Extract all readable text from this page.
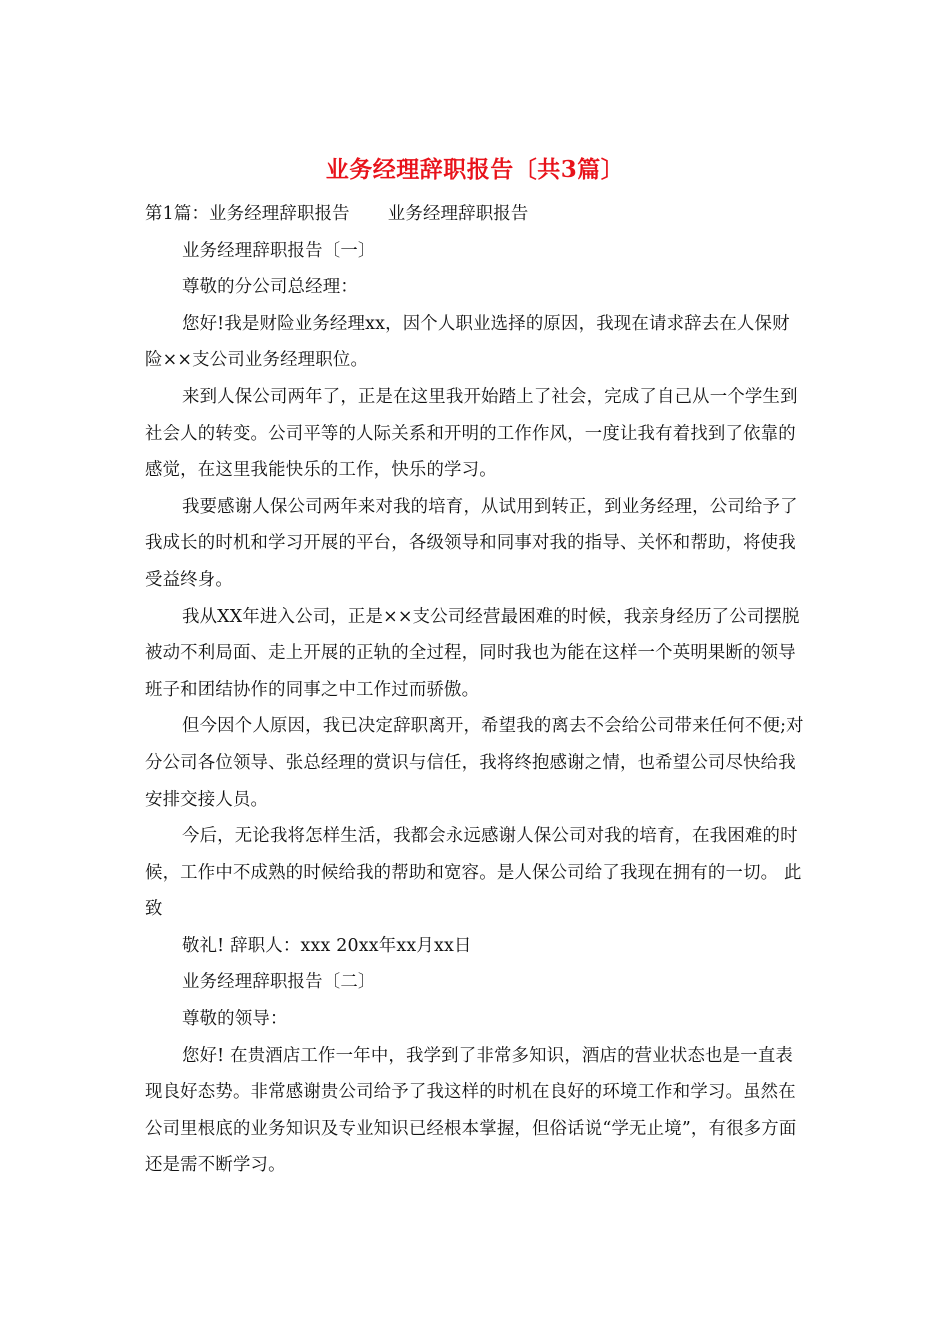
业务经理辞职报告〔共3篇〕

第1篇：业务经理辞职报告 业务经理辞职报告

业务经理辞职报告〔一〕

尊敬的分公司总经理：

您好!我是财险业务经理xx，因个人职业选择的原因，我现在请求辞去在人保财险××支公司业务经理职位。

来到人保公司两年了，正是在这里我开始踏上了社会，完成了自己从一个学生到社会人的转变。公司平等的人际关系和开明的工作作风，一度让我有着找到了依靠的感觉，在这里我能快乐的工作，快乐的学习。

我要感谢人保公司两年来对我的培育，从试用到转正，到业务经理，公司给予了我成长的时机和学习开展的平台，各级领导和同事对我的指导、关怀和帮助，将使我受益终身。

我从XX年进入公司，正是××支公司经营最困难的时候，我亲身经历了公司摆脱被动不利局面、走上开展的正轨的全过程，同时我也为能在这样一个英明果断的领导班子和团结协作的同事之中工作过而骄傲。

但今因个人原因，我已决定辞职离开，希望我的离去不会给公司带来任何不便;对分公司各位领导、张总经理的赏识与信任，我将终抱感谢之情，也希望公司尽快给我安排交接人员。

今后，无论我将怎样生活，我都会永远感谢人保公司对我的培育，在我困难的时候，工作中不成熟的时候给我的帮助和宽容。是人保公司给了我现在拥有的一切。 此致

敬礼! 辞职人：xxx 20xx年xx月xx日

业务经理辞职报告〔二〕

尊敬的领导：

您好! 在贵酒店工作一年中，我学到了非常多知识，酒店的营业状态也是一直表现良好态势。非常感谢贵公司给予了我这样的时机在良好的环境工作和学习。虽然在公司里根底的业务知识及专业知识已经根本掌握，但俗话说“学无止境”，有很多方面还是需不断学习。
